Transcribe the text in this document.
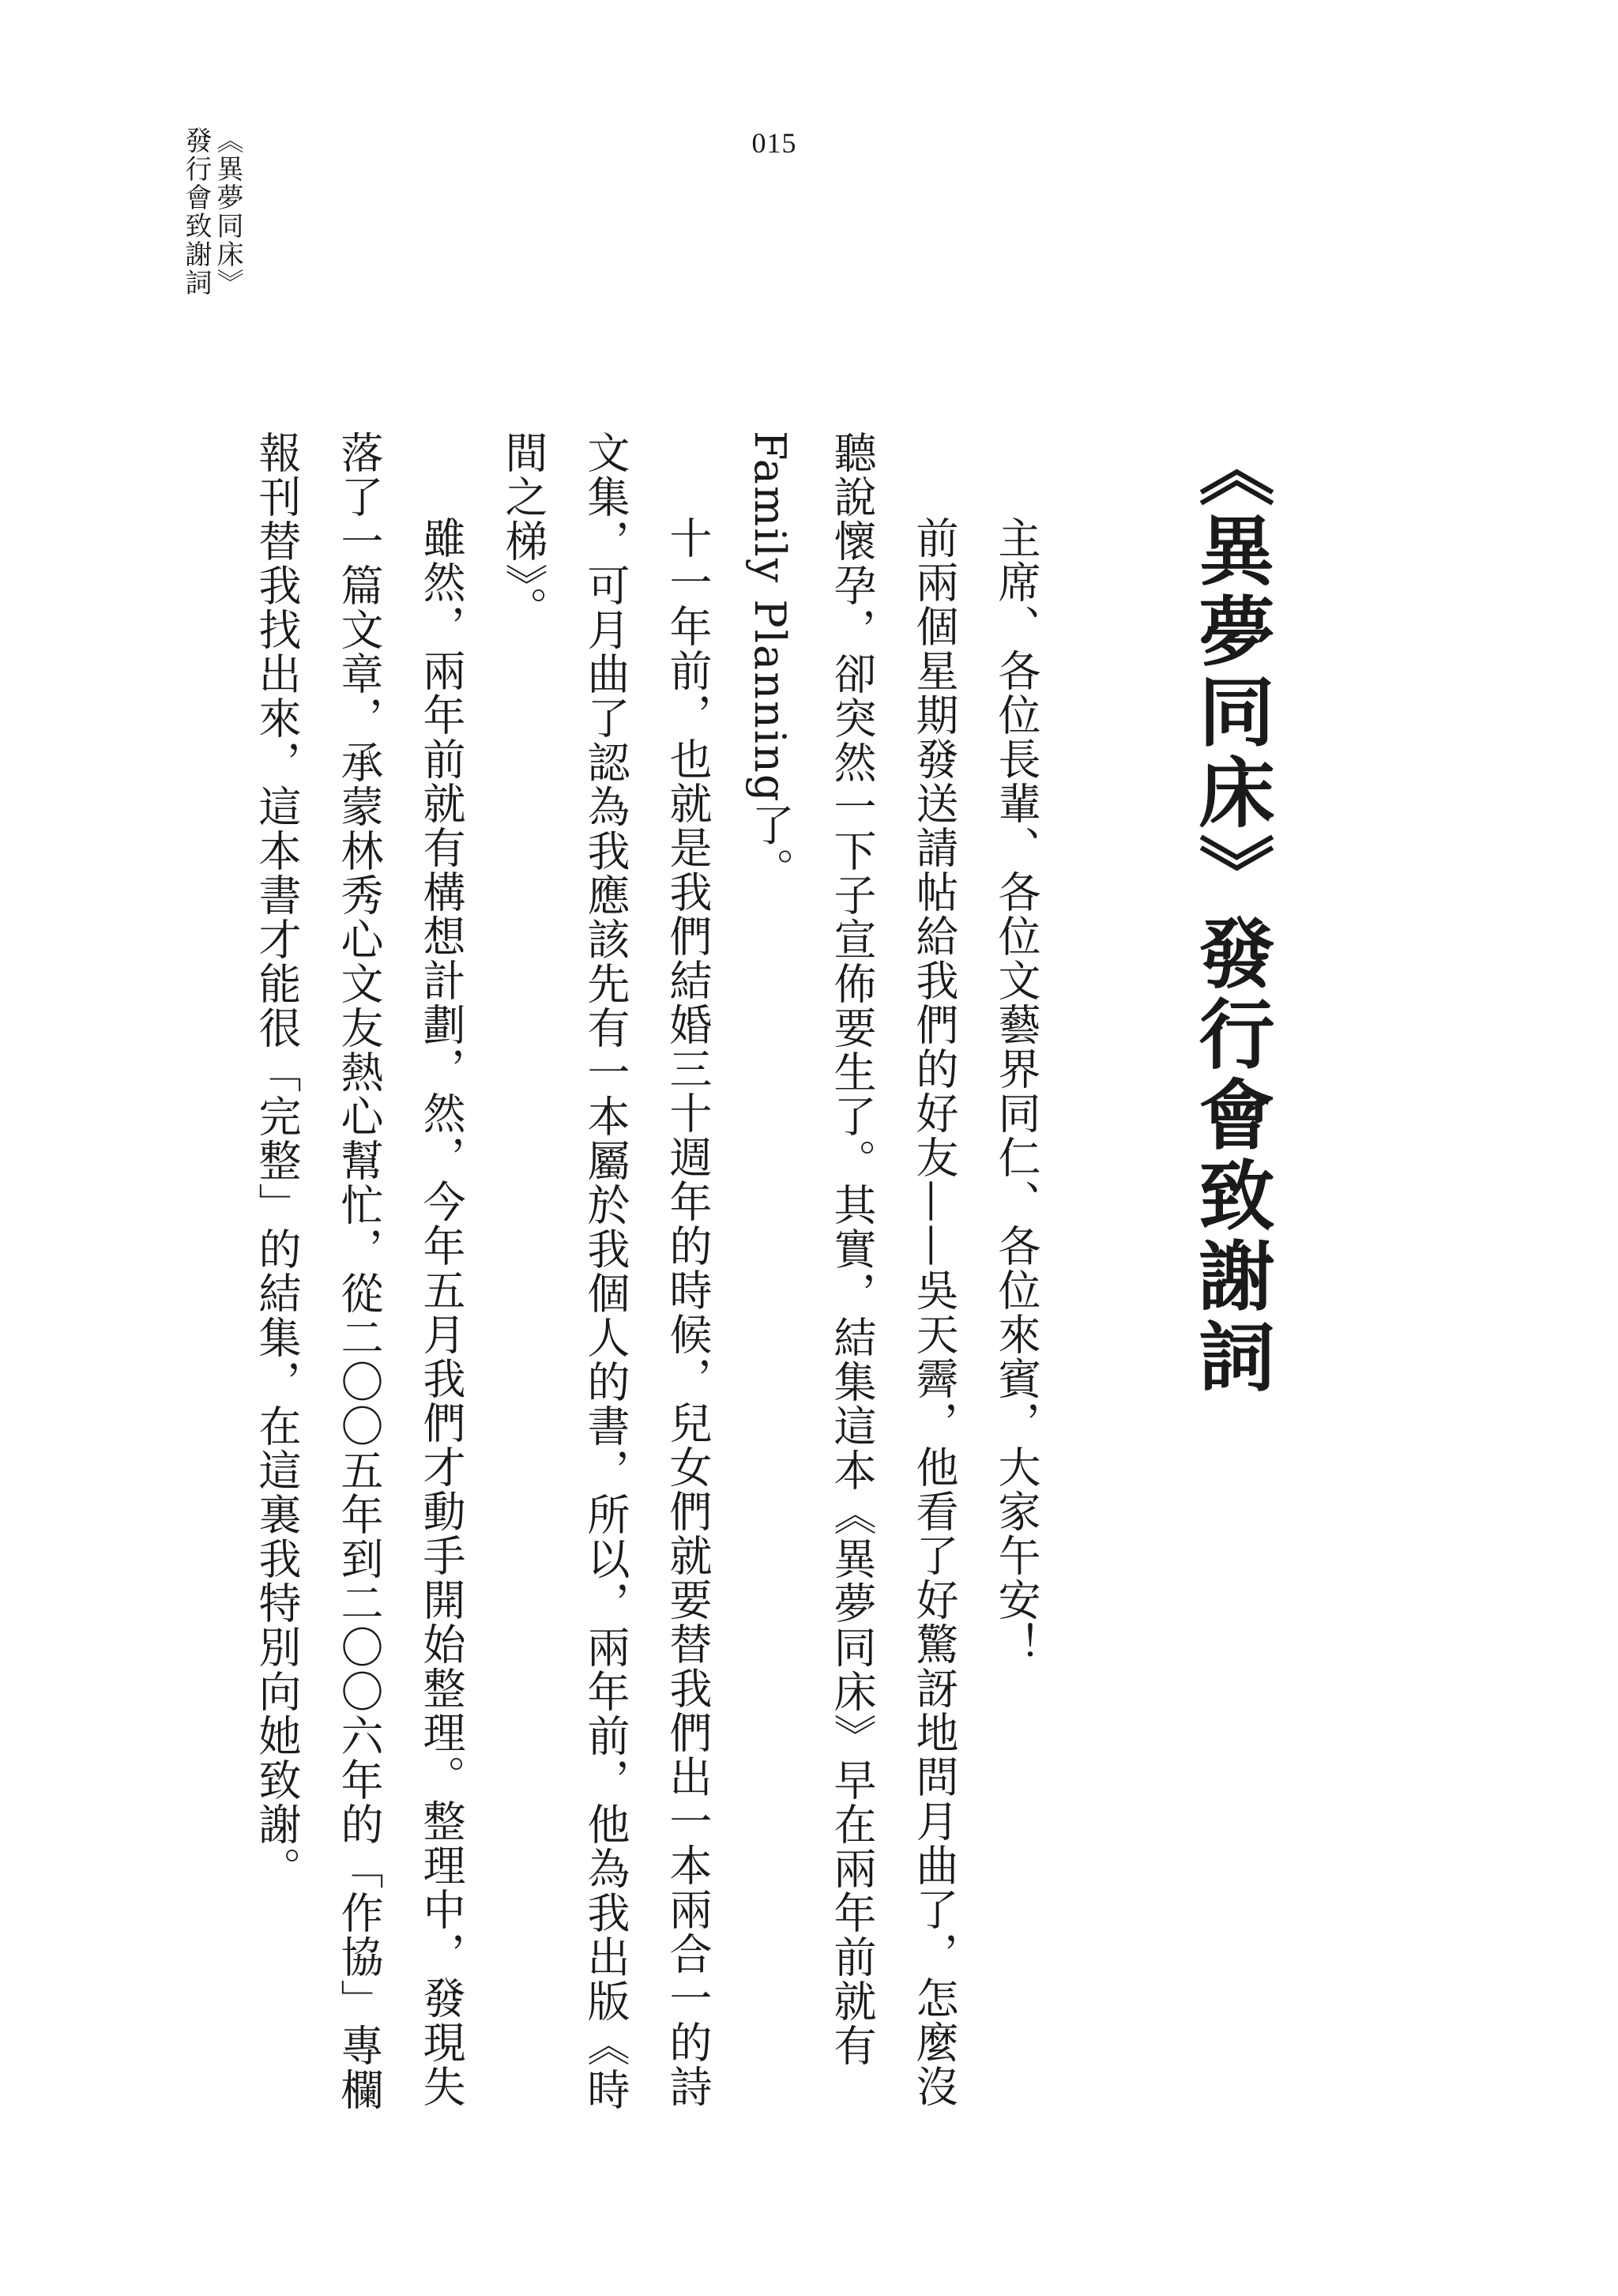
015
《異夢同床》
發行會致謝詞
《異夢同床》發行會致謝詞

主席、各位長輩、各位文藝界同仁、各位來賓，大家午安！

前兩個星期發送請帖給我們的好友——吳天霽，他看了好驚訝地問月曲了，怎麼沒

聽說懷孕，卻突然一下子宣佈要生了。其實，結集這本《異夢同床》早在兩年前就有

Family Planning了。

十一年前，也就是我們結婚三十週年的時候，兒女們就要替我們出一本兩合一的詩

文集，可月曲了認為我應該先有一本屬於我個人的書，所以，兩年前，他為我出版《時

間之梯》。

雖然，兩年前就有構想計劃，然，今年五月我們才動手開始整理。整理中，發現失

落了一篇文章，承蒙林秀心文友熱心幫忙，從二〇〇五年到二〇〇六年的「作協」專欄

報刊替我找出來，這本書才能很「完整」的結集，在這裏我特別向她致謝。
